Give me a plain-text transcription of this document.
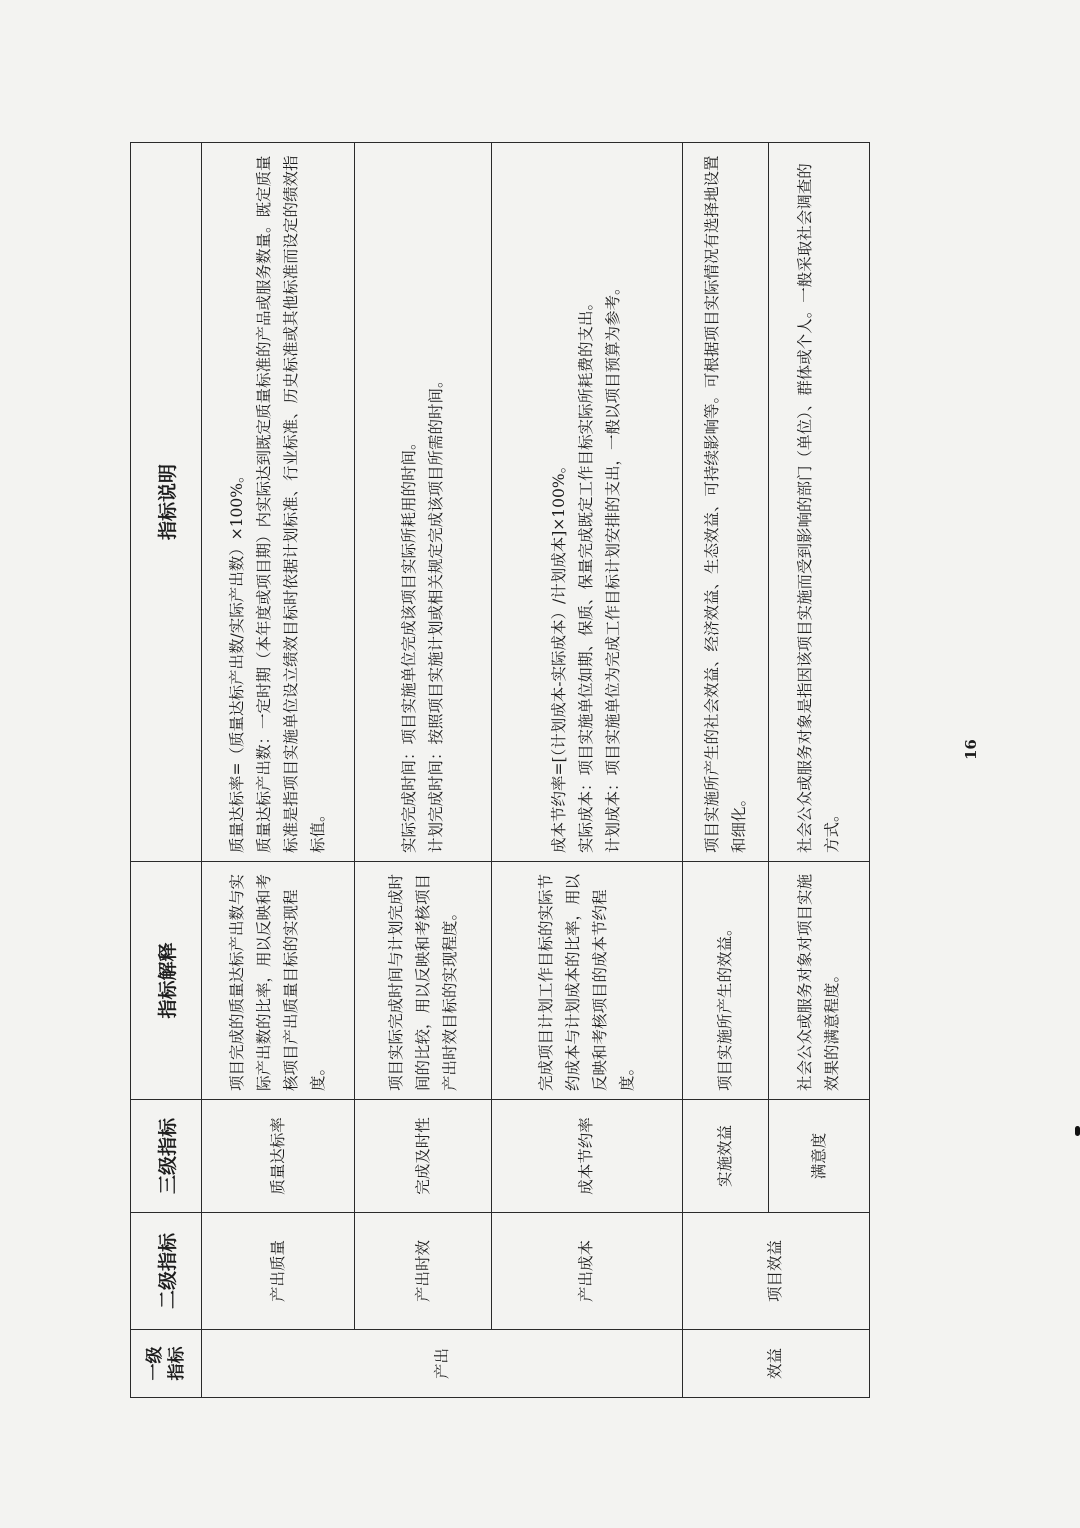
一级指标	二级指标	三级指标	指标解释	指标说明
产出	产出质量	质量达标率	项目完成的质量达标产出数与实际产出数的比率，用以反映和考核项目产出质量目标的实现程度。	质量达标率=（质量达标产出数/实际产出数）×100%。 质量达标产出数：一定时期（本年度或项目期）内实际达到既定质量标准的产品或服务数量。既定质量标准是指项目实施单位设立绩效目标时依据计划标准、行业标准、历史标准或其他标准而设定的绩效指标值。

	产出时效	完成及时性	项目实际完成时间与计划完成时间的比较，用以反映和考核项目产出时效目标的实现程度。	实际完成时间：项目实施单位完成该项目实际所耗用的时间。 计划完成时间：按照项目实施计划或相关规定完成该项目所需的时间。

	产出成本	成本节约率	完成项目计划工作目标的实际节约成本与计划成本的比率，用以反映和考核项目的成本节约程度。	成本节约率=[（计划成本-实际成本）/计划成本]×100%。 实际成本：项目实施单位如期、保质、保量完成既定工作目标实际所耗费的支出。 计划成本：项目实施单位为完成工作目标计划安排的支出，一般以项目预算为参考。

效益	项目效益	实施效益	项目实施所产生的效益。	项目实施所产生的社会效益、经济效益、生态效益、可持续影响等。可根据项目实际情况有选择地设置和细化。

		满意度	社会公众或服务对象对项目实施效果的满意程度。	社会公众或服务对象是指因该项目实施而受到影响的部门（单位）、群体或个人。一般采取社会调查的方式。
16
